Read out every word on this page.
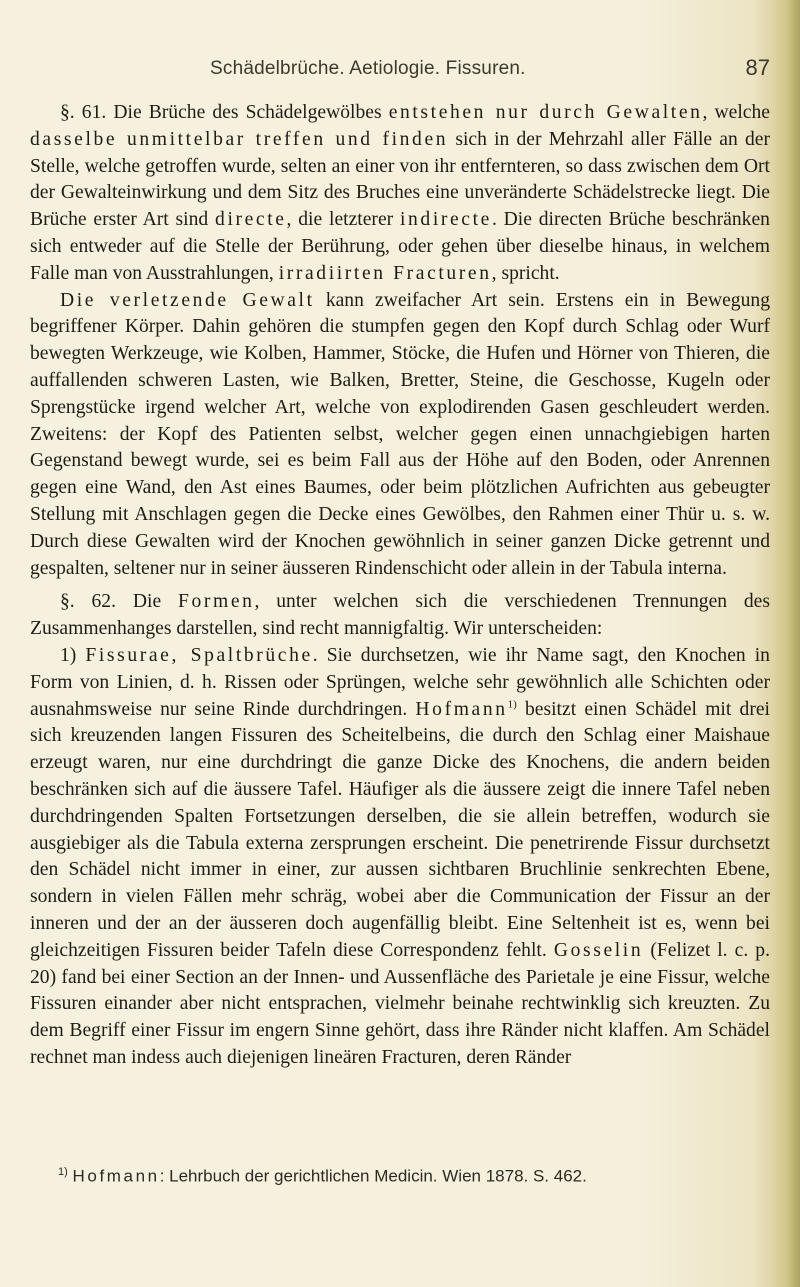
Schädelbrüche. Aetiologie. Fissuren.	87

§. 61. Die Brüche des Schädelgewölbes entstehen nur durch Gewalten, welche dasselbe unmittelbar treffen und finden sich in der Mehrzahl aller Fälle an der Stelle, welche getroffen wurde, selten an einer von ihr entfernteren, so dass zwischen dem Ort der Gewalteinwirkung und dem Sitz des Bruches eine unveränderte Schädelstrecke liegt. Die Brüche erster Art sind directe, die letzterer indirecte. Die directen Brüche beschränken sich entweder auf die Stelle der Berührung, oder gehen über dieselbe hinaus, in welchem Falle man von Ausstrahlungen, irradiirten Fracturen, spricht.

Die verletzende Gewalt kann zweifacher Art sein. Erstens ein in Bewegung begriffener Körper. Dahin gehören die stumpfen gegen den Kopf durch Schlag oder Wurf bewegten Werkzeuge, wie Kolben, Hammer, Stöcke, die Hufen und Hörner von Thieren, die auffallenden schweren Lasten, wie Balken, Bretter, Steine, die Geschosse, Kugeln oder Sprengstücke irgend welcher Art, welche von explodirenden Gasen geschleudert werden. Zweitens: der Kopf des Patienten selbst, welcher gegen einen unnachgiebigen harten Gegenstand bewegt wurde, sei es beim Fall aus der Höhe auf den Boden, oder Anrennen gegen eine Wand, den Ast eines Baumes, oder beim plötzlichen Aufrichten aus gebeugter Stellung mit Anschlagen gegen die Decke eines Gewölbes, den Rahmen einer Thür u. s. w. Durch diese Gewalten wird der Knochen gewöhnlich in seiner ganzen Dicke getrennt und gespalten, seltener nur in seiner äusseren Rindenschicht oder allein in der Tabula interna.

§. 62. Die Formen, unter welchen sich die verschiedenen Trennungen des Zusammenhanges darstellen, sind recht mannigfaltig. Wir unterscheiden:

1) Fissurae, Spaltbrüche. Sie durchsetzen, wie ihr Name sagt, den Knochen in Form von Linien, d. h. Rissen oder Sprüngen, welche sehr gewöhnlich alle Schichten oder ausnahmsweise nur seine Rinde durchdringen. Hofmann$^{1)}$ besitzt einen Schädel mit drei sich kreuzenden langen Fissuren des Scheitelbeins, die durch den Schlag einer Maishaue erzeugt waren, nur eine durchdringt die ganze Dicke des Knochens, die andern beiden beschränken sich auf die äussere Tafel. Häufiger als die äussere zeigt die innere Tafel neben durchdringenden Spalten Fortsetzungen derselben, die sie allein betreffen, wodurch sie ausgiebiger als die Tabula externa zersprungen erscheint. Die penetrirende Fissur durchsetzt den Schädel nicht immer in einer, zur aussen sichtbaren Bruchlinie senkrechten Ebene, sondern in vielen Fällen mehr schräg, wobei aber die Communication der Fissur an der inneren und der an der äusseren doch augenfällig bleibt. Eine Seltenheit ist es, wenn bei gleichzeitigen Fissuren beider Tafeln diese Correspondenz fehlt. Gosselin (Felizet l. c. p. 20) fand bei einer Section an der Innen- und Aussenfläche des Parietale je eine Fissur, welche Fissuren einander aber nicht entsprachen, vielmehr beinahe rechtwinklig sich kreuzten. Zu dem Begriff einer Fissur im engern Sinne gehört, dass ihre Ränder nicht klaffen. Am Schädel rechnet man indess auch diejenigen lineären Fracturen, deren Ränder

$^{1)}$ Hofmann: Lehrbuch der gerichtlichen Medicin. Wien 1878. S. 462.
